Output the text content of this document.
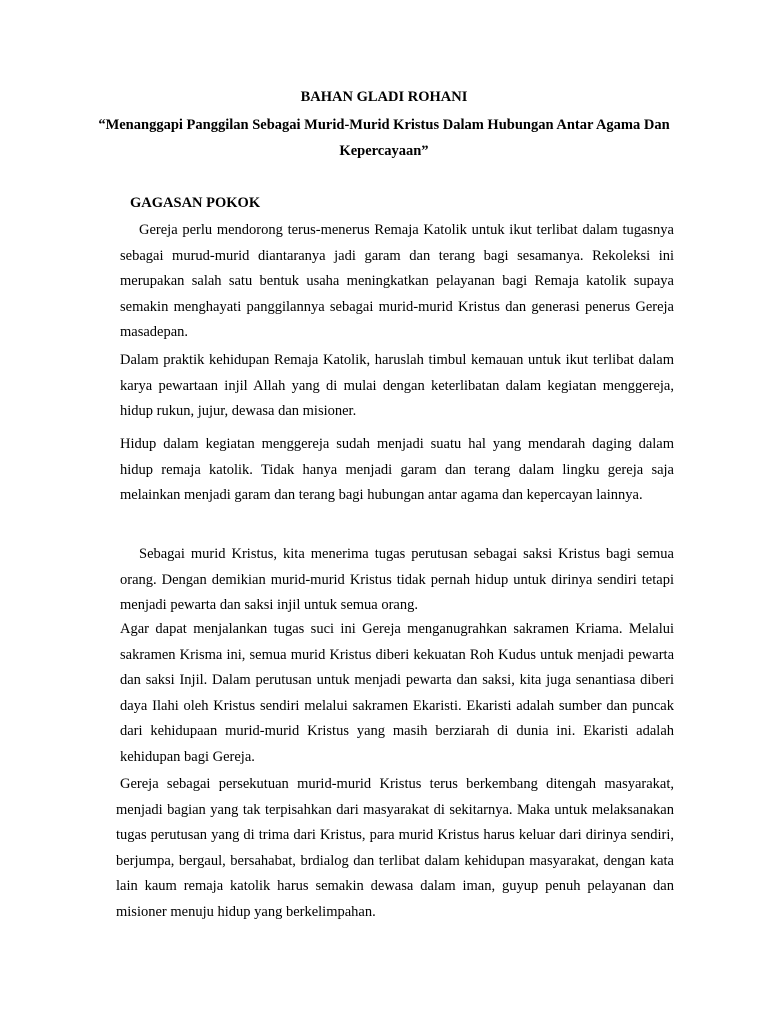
BAHAN GLADI ROHANI
“Menanggapi Panggilan Sebagai Murid-Murid Kristus Dalam Hubungan Antar Agama Dan Kepercayaan”
GAGASAN POKOK

Gereja perlu mendorong terus-menerus Remaja Katolik untuk ikut terlibat dalam tugasnya sebagai murud-murid diantaranya jadi garam dan terang bagi sesamanya. Rekoleksi ini merupakan salah satu bentuk usaha meningkatkan pelayanan bagi Remaja katolik supaya semakin menghayati panggilannya sebagai murid-murid Kristus dan generasi penerus Gereja masadepan.

Dalam praktik kehidupan Remaja Katolik, haruslah timbul kemauan untuk ikut terlibat dalam karya pewartaan injil Allah yang di mulai dengan keterlibatan dalam kegiatan menggereja, hidup rukun, jujur, dewasa dan misioner.

Hidup dalam kegiatan menggereja sudah menjadi suatu hal yang mendarah daging dalam hidup remaja katolik. Tidak hanya menjadi garam dan terang dalam lingku gereja saja melainkan menjadi garam dan terang bagi hubungan antar agama dan kepercayan lainnya.

Sebagai murid Kristus, kita menerima tugas perutusan sebagai saksi Kristus bagi semua orang. Dengan demikian murid-murid Kristus tidak pernah hidup untuk dirinya sendiri tetapi menjadi pewarta dan saksi injil untuk semua orang.

Agar dapat menjalankan tugas suci ini Gereja menganugrahkan sakramen Kriama. Melalui sakramen Krisma ini, semua murid Kristus diberi kekuatan Roh Kudus untuk menjadi pewarta dan saksi Injil. Dalam perutusan untuk menjadi pewarta dan saksi, kita juga senantiasa diberi daya Ilahi oleh Kristus sendiri melalui sakramen Ekaristi. Ekaristi adalah sumber dan puncak dari kehidupaan murid-murid Kristus yang masih berziarah di dunia ini. Ekaristi adalah kehidupan bagi Gereja.

Gereja sebagai persekutuan murid-murid Kristus terus berkembang ditengah masyarakat, menjadi bagian yang tak terpisahkan dari masyarakat di sekitarnya. Maka untuk melaksanakan tugas perutusan yang di trima dari Kristus, para murid Kristus harus keluar dari dirinya sendiri, berjumpa, bergaul, bersahabat, brdialog dan terlibat dalam kehidupan masyarakat, dengan kata lain kaum remaja katolik harus semakin dewasa dalam iman, guyup penuh pelayanan dan misioner menuju hidup yang berkelimpahan.
